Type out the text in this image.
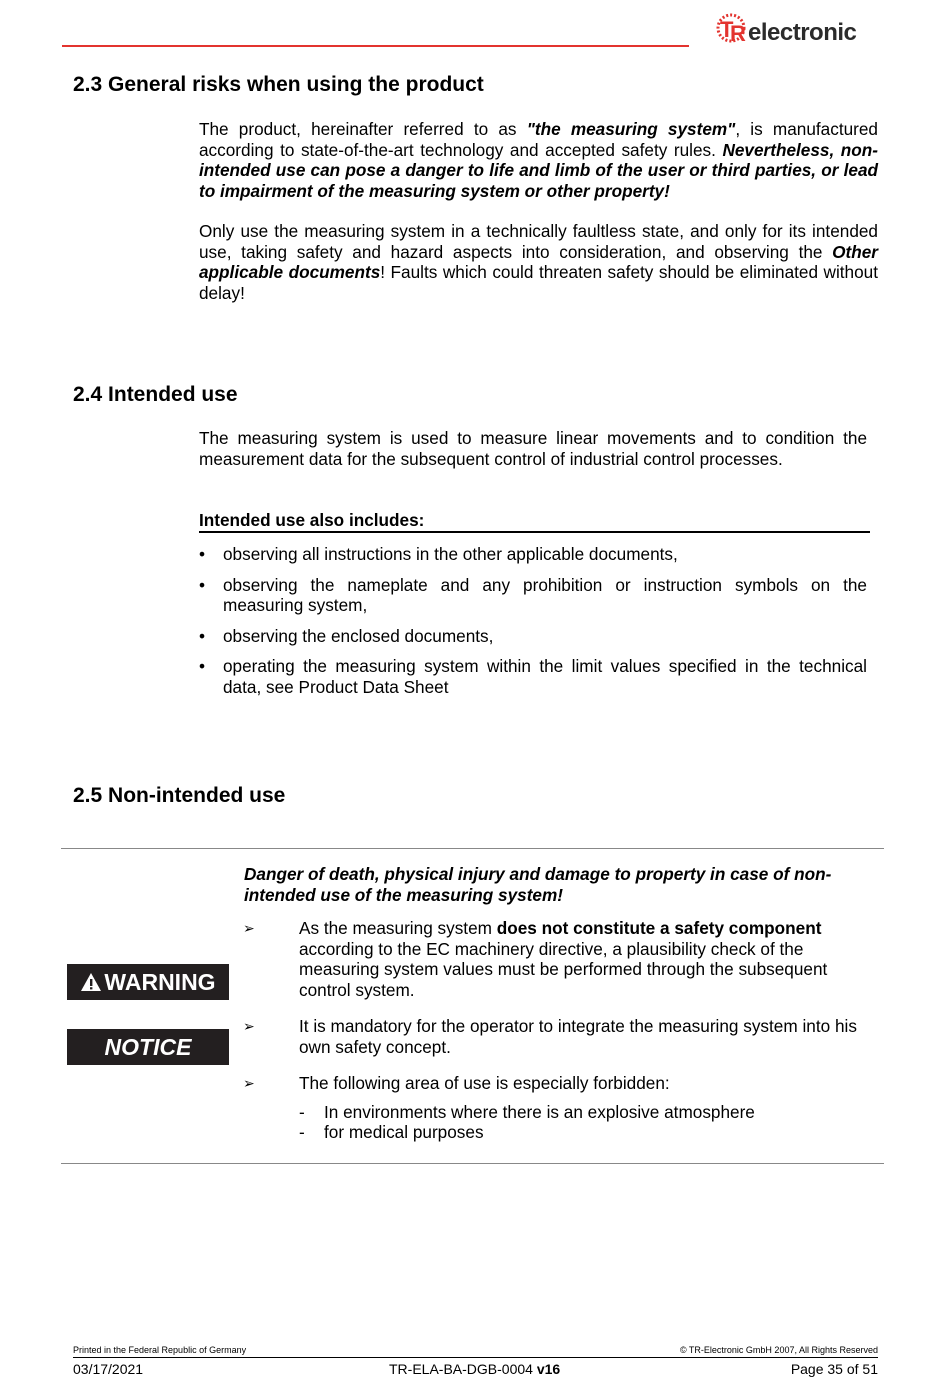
T
R electronic
2.3 General risks when using the product

The product, hereinafter referred to as "the measuring system", is manufactured according to state-of-the-art technology and accepted safety rules. Nevertheless, non-intended use can pose a danger to life and limb of the user or third parties, or lead to impairment of the measuring system or other property!

Only use the measuring system in a technically faultless state, and only for its intended use, taking safety and hazard aspects into consideration, and observing the Other applicable documents! Faults which could threaten safety should be eliminated without delay!

2.4 Intended use

The measuring system is used to measure linear movements and to condition the measurement data for the subsequent control of industrial control processes.

Intended use also includes:
• observing all instructions in the other applicable documents,
• observing the nameplate and any prohibition or instruction symbols on the measuring system,
• observing the enclosed documents,
• operating the measuring system within the limit values specified in the technical data, see Product Data Sheet
2.5 Non-intended use
WARNING
NOTICE

Danger of death, physical injury and damage to property in case of non-intended use of the measuring system!

➢	As the measuring system does not constitute a safety component according to the EC machinery directive, a plausibility check of the measuring system values must be performed through the subsequent control system.
➢	It is mandatory for the operator to integrate the measuring system into his own safety concept.
➢	The following area of use is especially forbidden:
- In environments where there is an explosive atmosphere
- for medical purposes
Printed in the Federal Republic of Germany	© TR-Electronic GmbH 2007, All Rights Reserved
03/17/2021	TR-ELA-BA-DGB-0004 v16	Page 35 of 51
